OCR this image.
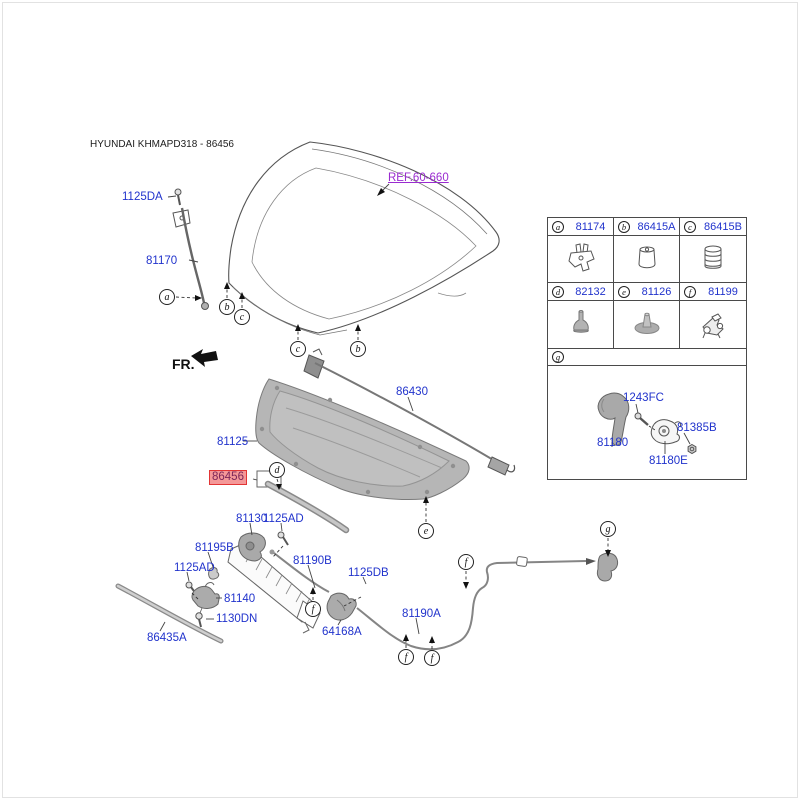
HYUNDAI KHMAPD318 - 86456
FR.
REF.60-660
1125DA
81170
86430
81125
86456
81130
1125AD
81195B
1125AD
81140
1130DN
86435A
81190B
1125DB
64168A
81190A
1243FC
81180
81385B
81180E
a
b
c
c	b
d
e
f
f
f f
g
a	81174	b	86415A	c	86415B
d	82132	e	81126	f	81199
g
